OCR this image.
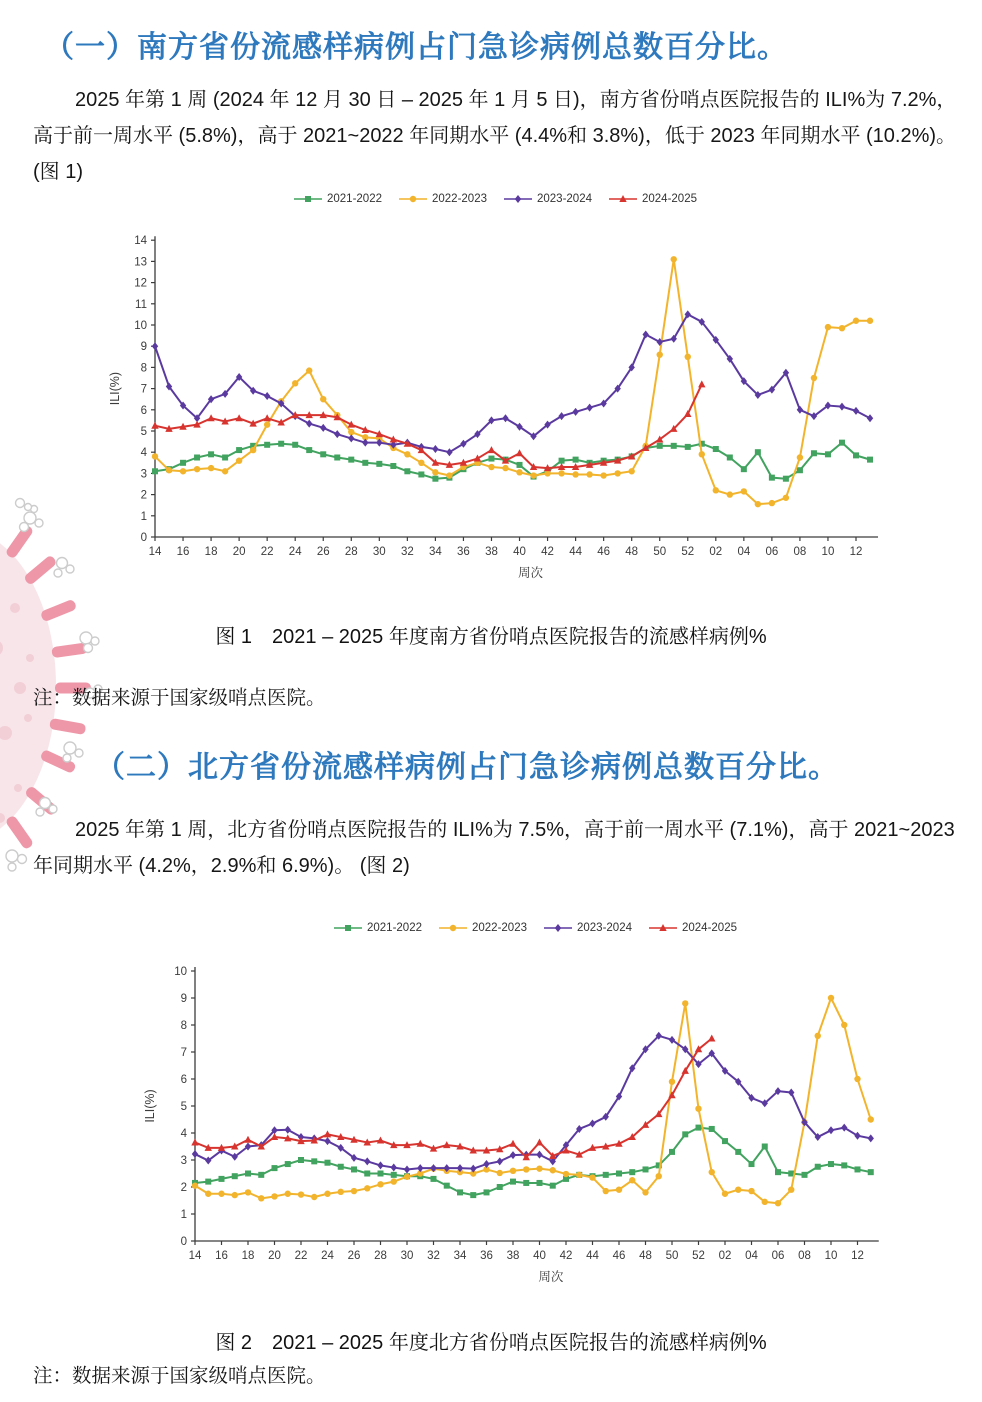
（一）南方省份流感样病例占门急诊病例总数百分比。
2025 年第 1 周 (2024 年 12 月 30 日 – 2025 年 1 月 5 日)，南方省份哨点医院报告的 ILI%为 7.2%，
高于前一周水平 (5.8%)，高于 2021~2022 年同期水平 (4.4%和 3.8%)，低于 2023 年同期水平 (10.2%)。
(图 1)
2021-2022	2022-2023	2023-2024	2024-2025
0
1
2
3
4
5
6
7
8
9
10
11
12
13
14
14 16 18 20 22 24 26 28 30 32 34 36 38 40 42 44 46 48 50 52 02 04 06 08 10 12
ILI(%)
周次
图 1　2021 – 2025 年度南方省份哨点医院报告的流感样病例%
注：数据来源于国家级哨点医院。
（二）北方省份流感样病例占门急诊病例总数百分比。
2025 年第 1 周，北方省份哨点医院报告的 ILI%为 7.5%，高于前一周水平 (7.1%)，高于 2021~2023
年同期水平 (4.2%，2.9%和 6.9%)。 (图 2)
2021-2022	2022-2023	2023-2024	2024-2025
0
1
2
3
4
5
6
7
8
9
10
14 16 18 20 22 24 26 28 30 32 34 36 38 40 42 44 46 48 50 52 02 04 06 08 10 12
ILI(%)
周次
图 2　2021 – 2025 年度北方省份哨点医院报告的流感样病例%
注：数据来源于国家级哨点医院。
